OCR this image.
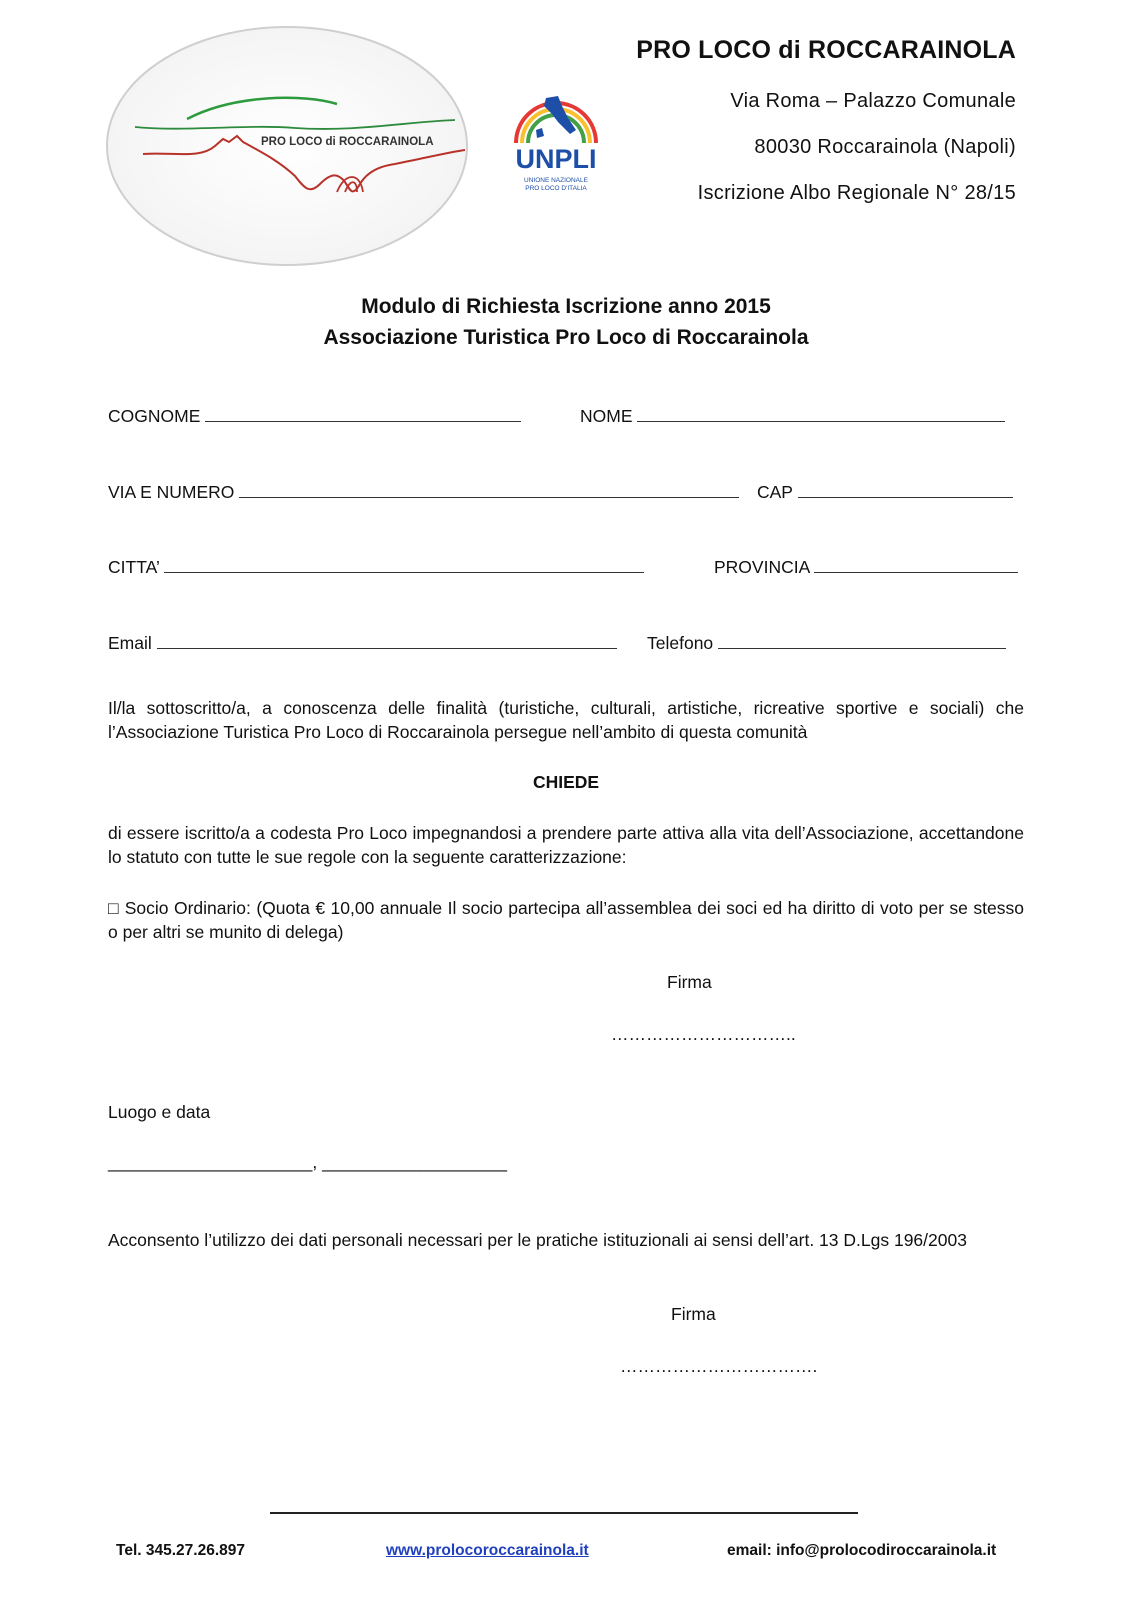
PRO LOCO di ROCCARAINOLA
UNPLI
UNIONE NAZIONALE
PRO LOCO D'ITALIA
PRO LOCO di ROCCARAINOLA
Via Roma – Palazzo Comunale
80030 Roccarainola (Napoli)
Iscrizione Albo Regionale N° 28/15
Modulo di Richiesta Iscrizione anno 2015
Associazione Turistica Pro Loco di Roccarainola
COGNOME	NOME
VIA E NUMERO	CAP
CITTA’	PROVINCIA
Email	Telefono
Il/la sottoscritto/a, a conoscenza delle finalità (turistiche, culturali, artistiche, ricreative sportive e sociali) che l’Associazione Turistica Pro Loco di Roccarainola persegue nell’ambito di questa comunità
CHIEDE
di essere iscritto/a a codesta Pro Loco impegnandosi a prendere parte attiva alla vita dell’Associazione, accettandone lo statuto con tutte le sue regole con la seguente caratterizzazione:
□ Socio Ordinario: (Quota € 10,00 annuale Il socio partecipa all’assemblea dei soci ed ha diritto di voto per se stesso o per altri se munito di delega)
Firma
…………………………..
Luogo e data
_____________________, ___________________
Acconsento l’utilizzo dei dati personali necessari per le pratiche istituzionali ai sensi dell’art. 13 D.Lgs 196/2003
Firma
…………………………….
Tel. 345.27.26.897	www.prolocoroccarainola.it	email: info@prolocodiroccarainola.it
